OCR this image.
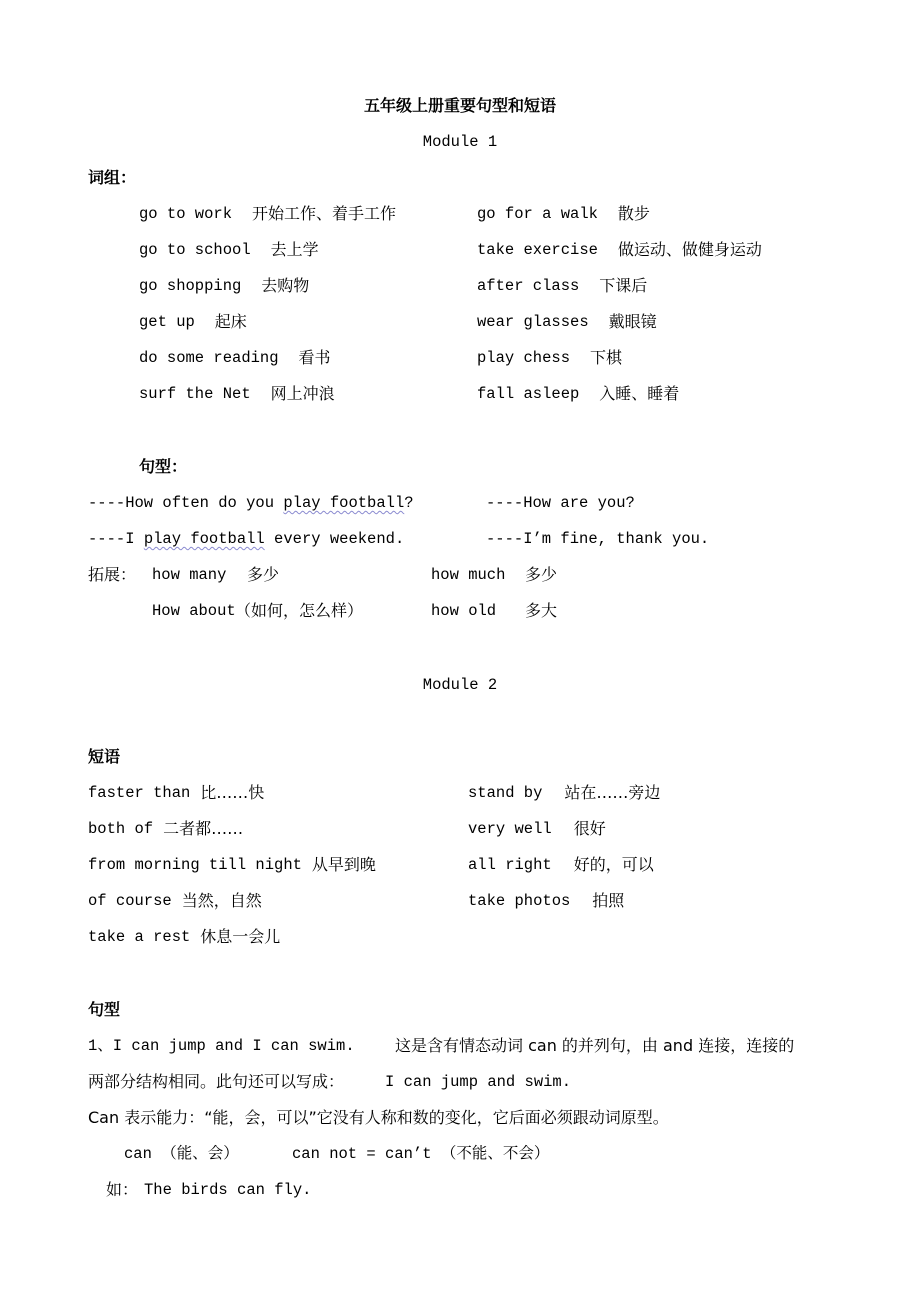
五年级上册重要句型和短语
Module 1
词组：
go to work 开始工作、着手工作	go for a walk 散步
go to school 去上学	take exercise 做运动、做健身运动
go shopping 去购物	after class 下课后
get up 起床	wear glasses 戴眼镜
do some reading 看书	play chess 下棋
surf the Net 网上冲浪	fall asleep 入睡、睡着
句型：
----How often do you play football?	----How are you?
----I play football every weekend.	----I’m fine, thank you.
拓展： how many 多少	how much 多少
How about （如何，怎么样）	how old 多大
Module 2
短语
faster than 比……快	stand by 站在……旁边
both of 二者都……	very well 很好
from morning till night 从早到晚	all right 好的，可以
of course 当然，自然	take photos 拍照
take a rest 休息一会儿
句型
1、I can jump and I can swim.	这是含有情态动词 can 的并列句，由 and 连接，连接的
两部分结构相同。此句还可以写成：	I can jump and swim.
Can 表示能力：“能，会，可以”它没有人称和数的变化，它后面必须跟动词原型。
can （能、会）	can not = can’t （不能、不会）
如： The birds can fly.
